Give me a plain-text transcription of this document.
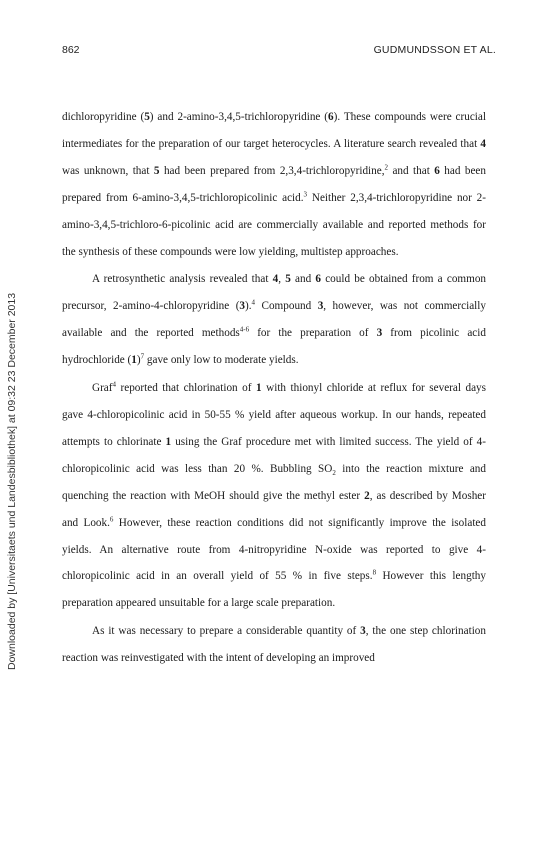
Downloaded by [Universitaets und Landesbibliothek] at 09:32 23 December 2013
862	GUDMUNDSSON ET AL.

dichloropyridine (5) and 2-amino-3,4,5-trichloropyridine (6). These compounds were crucial intermediates for the preparation of our target heterocycles. A literature search revealed that 4 was unknown, that 5 had been prepared from 2,3,4-trichloropyridine,$^2$ and that 6 had been prepared from 6-amino-3,4,5-trichloropicolinic acid.$^3$ Neither 2,3,4-trichloropyridine nor 2-amino-3,4,5-trichloro-6-picolinic acid are commercially available and reported methods for the synthesis of these compounds were low yielding, multistep approaches.

A retrosynthetic analysis revealed that 4, 5 and 6 could be obtained from a common precursor, 2-amino-4-chloropyridine (3).$^4$ Compound 3, however, was not commercially available and the reported methods$^{4-6}$ for the preparation of 3 from picolinic acid hydrochloride $(1)^7$ gave only low to moderate yields.

Graf$^4$ reported that chlorination of 1 with thionyl chloride at reflux for several days gave 4-chloropicolinic acid in 50-55 % yield after aqueous workup. In our hands, repeated attempts to chlorinate 1 using the Graf procedure met with limited success. The yield of 4-chloropicolinic acid was less than 20 %. Bubbling $SO_2$ into the reaction mixture and quenching the reaction with MeOH should give the methyl ester 2, as described by Mosher and Look.$^6$ However, these reaction conditions did not significantly improve the isolated yields. An alternative route from 4-nitropyridine N-oxide was reported to give 4-chloropicolinic acid in an overall yield of 55 % in five steps.$^8$ However this lengthy preparation appeared unsuitable for a large scale preparation.

As it was necessary to prepare a considerable quantity of 3, the one step chlorination reaction was reinvestigated with the intent of developing an improved
